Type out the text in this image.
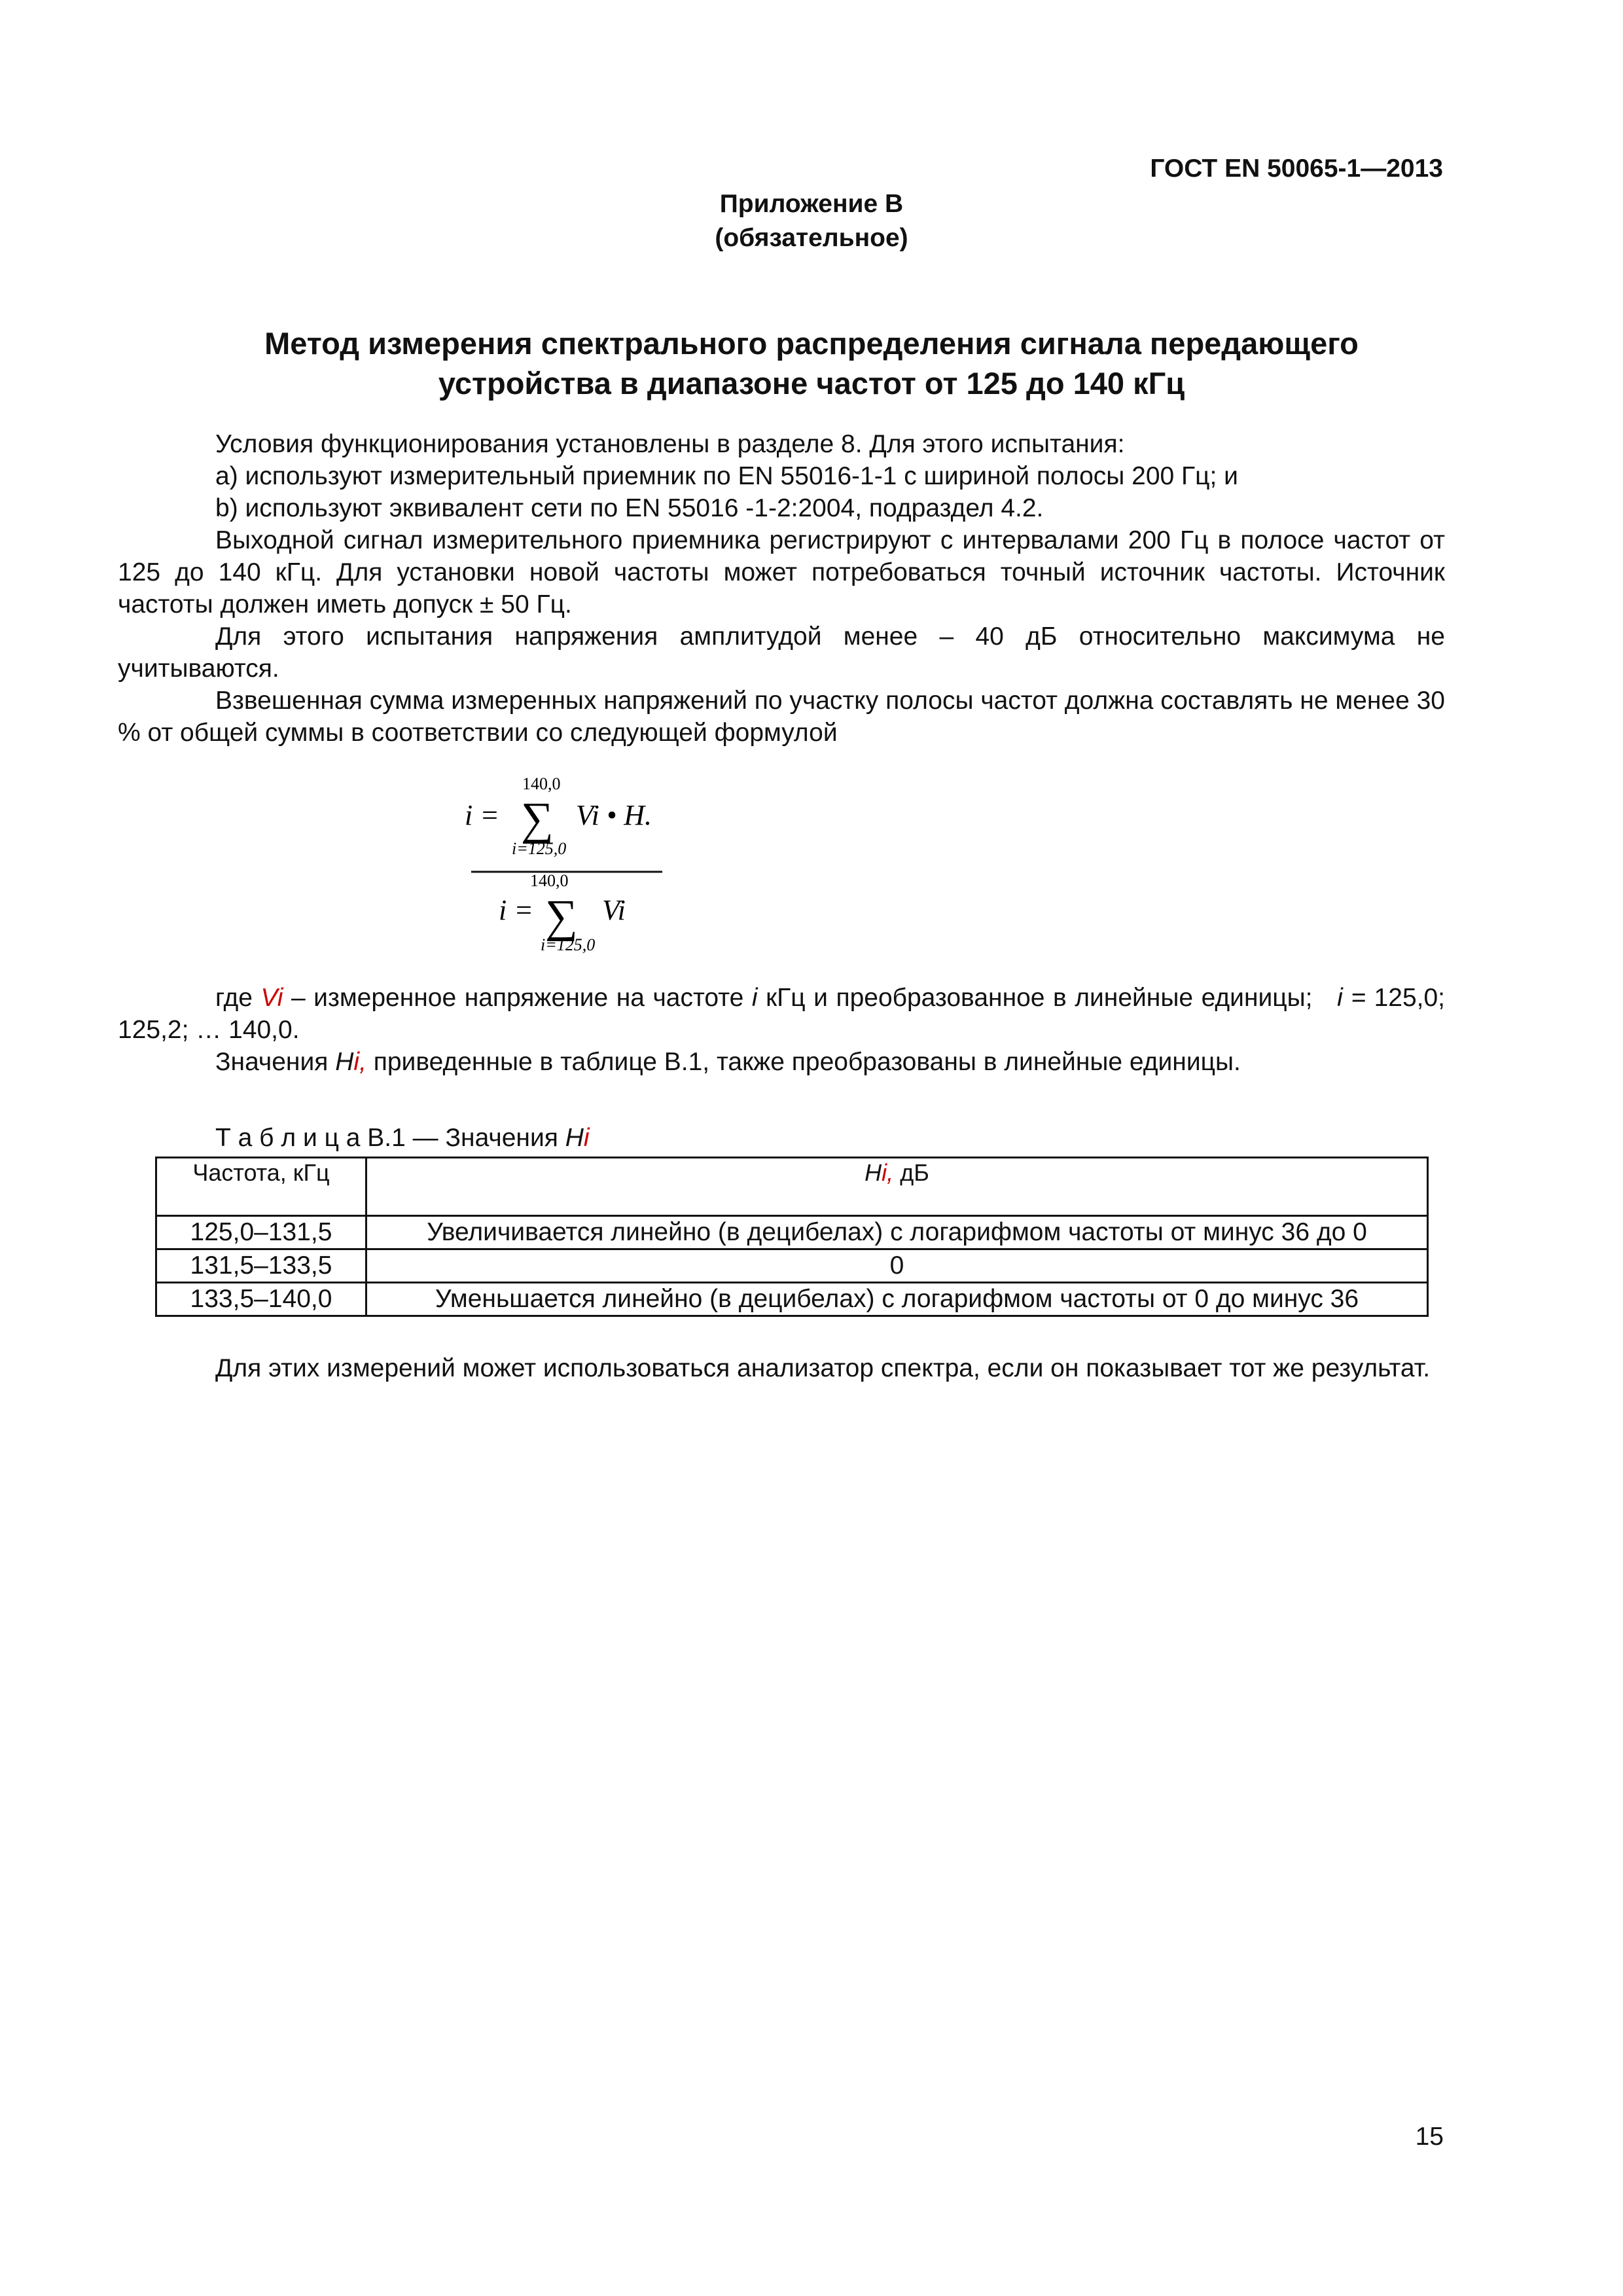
ГОСТ EN 50065-1—2013
Приложение В
(обязательное)
Метод измерения спектрального распределения сигнала передающего
устройства в диапазоне частот от 125 до 140 кГц
Условия функционирования установлены в разделе 8. Для этого испытания:
a) используют измерительный приемник по EN 55016-1-1 с шириной полосы 200 Гц; и
b) используют эквивалент сети по EN 55016 -1-2:2004, подраздел 4.2.
Выходной сигнал измерительного приемника регистрируют с интервалами 200 Гц в полосе частот от 125 до 140 кГц. Для установки новой частоты может потребоваться точный источник частоты. Источник частоты должен иметь допуск ± 50 Гц.
Для этого испытания напряжения амплитудой менее – 40 дБ относительно максимума не учитываются.
Взвешенная сумма измеренных напряжений по участку полосы частот должна составлять не менее 30 % от общей суммы в соответствии со следующей формулой
i =
140,0
∑
i=125,0
Vi • H.
140,0
i = ∑
i=125,0
Vi
где Vi – измеренное напряжение на частоте i кГц и преобразованное в линейные единицы; i = 125,0; 125,2; … 140,0.
Значения Hi, приведенные в таблице В.1, также преобразованы в линейные единицы.
Т а б л и ц а В.1 — Значения Hi
Частота, кГц	Hi, дБ
125,0–131,5	Увеличивается линейно (в децибелах) с логарифмом частоты от минус 36 до 0
131,5–133,5	0
133,5–140,0	Уменьшается линейно (в децибелах) с логарифмом частоты от 0 до минус 36
Для этих измерений может использоваться анализатор спектра, если он показывает тот же результат.
15
